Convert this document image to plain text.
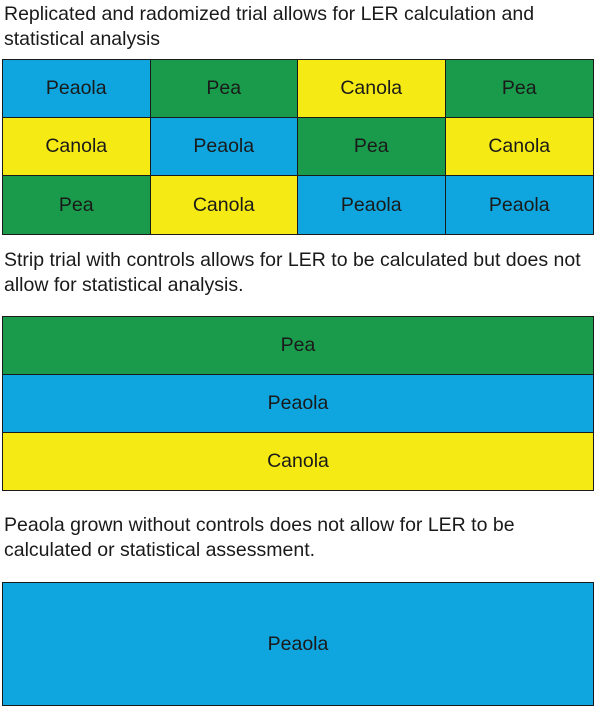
Replicated and radomized trial allows for LER calculation and statistical analysis

Peaola	Pea	Canola	Pea
Canola	Peaola	Pea	Canola
Pea	Canola	Peaola	Peaola

Strip trial with controls allows for LER to be calculated but does not allow for statistical analysis.

Pea
Peaola
Canola

Peaola grown without controls does not allow for LER to be calculated or statistical assessment.

Peaola
